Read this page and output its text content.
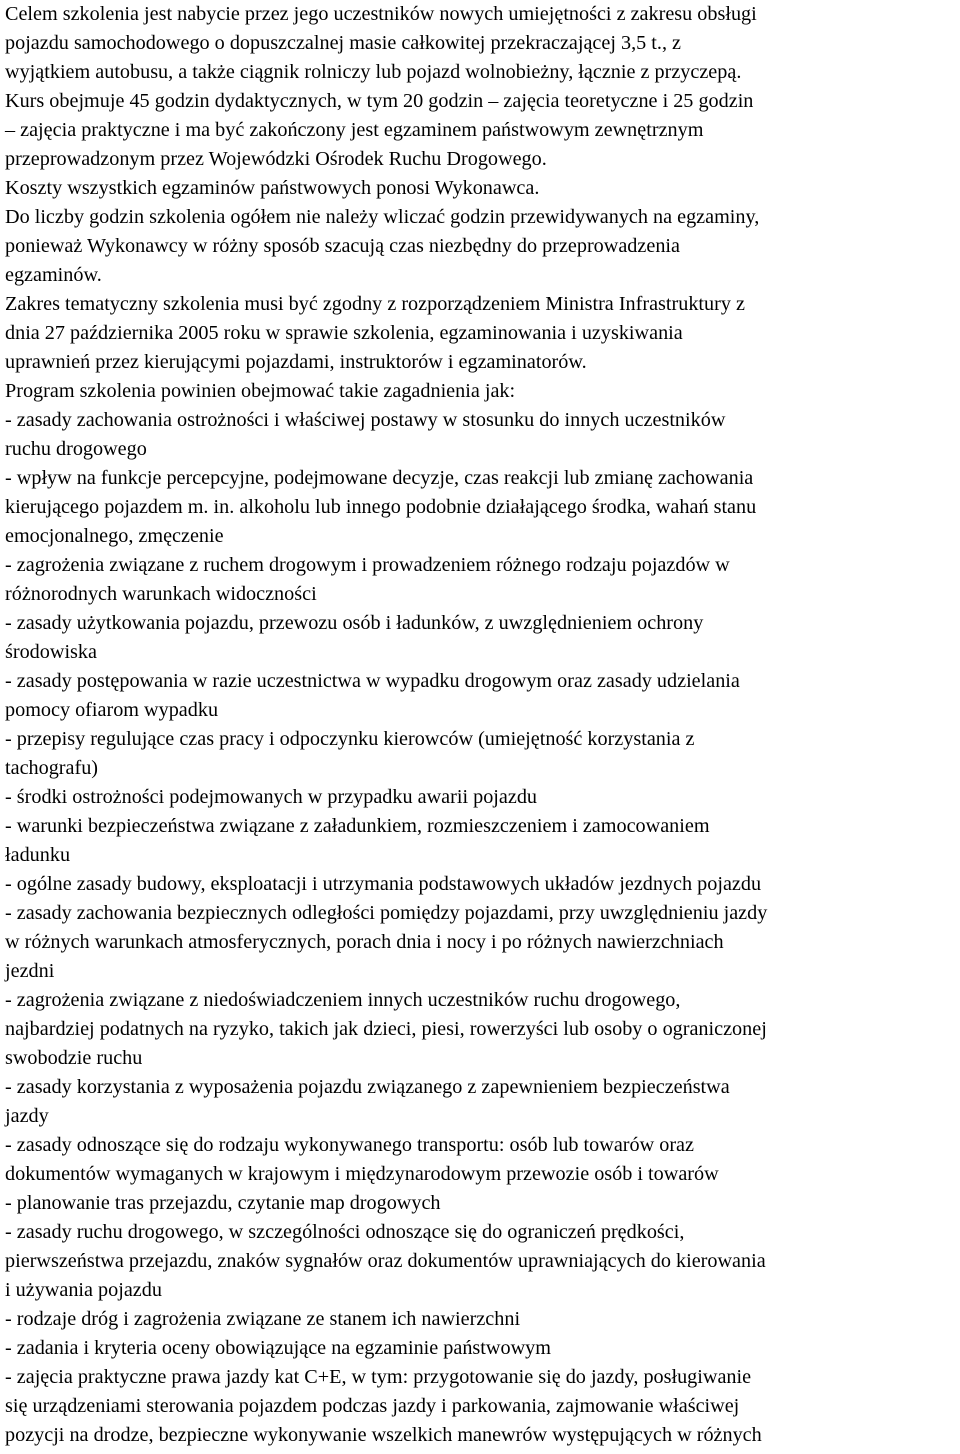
Celem szkolenia jest nabycie przez jego uczestników nowych umiejętności z zakresu obsługi
pojazdu samochodowego o dopuszczalnej masie całkowitej przekraczającej 3,5 t., z
wyjątkiem autobusu, a także ciągnik rolniczy lub pojazd wolnobieżny, łącznie z przyczepą.
Kurs obejmuje 45 godzin dydaktycznych, w tym 20 godzin – zajęcia teoretyczne i 25 godzin
– zajęcia praktyczne i ma być zakończony jest egzaminem państwowym zewnętrznym
przeprowadzonym przez Wojewódzki Ośrodek Ruchu Drogowego.
Koszty wszystkich egzaminów państwowych ponosi Wykonawca.
Do liczby godzin szkolenia ogółem nie należy wliczać godzin przewidywanych na egzaminy,
ponieważ Wykonawcy w różny sposób szacują czas niezbędny do przeprowadzenia
egzaminów.
Zakres tematyczny szkolenia musi być zgodny z rozporządzeniem Ministra Infrastruktury z
dnia 27 października 2005 roku w sprawie szkolenia, egzaminowania i uzyskiwania
uprawnień przez kierującymi pojazdami, instruktorów i egzaminatorów.
Program szkolenia powinien obejmować takie zagadnienia jak:
- zasady zachowania ostrożności i właściwej postawy w stosunku do innych uczestników
ruchu drogowego
- wpływ na funkcje percepcyjne, podejmowane decyzje, czas reakcji lub zmianę zachowania
kierującego pojazdem m. in. alkoholu lub innego podobnie działającego środka, wahań stanu
emocjonalnego, zmęczenie
- zagrożenia związane z ruchem drogowym i prowadzeniem różnego rodzaju pojazdów w
różnorodnych warunkach widoczności
- zasady użytkowania pojazdu, przewozu osób i ładunków, z uwzględnieniem ochrony
środowiska
- zasady postępowania w razie uczestnictwa w wypadku drogowym oraz zasady udzielania
pomocy ofiarom wypadku
- przepisy regulujące czas pracy i odpoczynku kierowców (umiejętność korzystania z
tachografu)
- środki ostrożności podejmowanych w przypadku awarii pojazdu
- warunki bezpieczeństwa związane z załadunkiem, rozmieszczeniem i zamocowaniem
ładunku
- ogólne zasady budowy, eksploatacji i utrzymania podstawowych układów jezdnych pojazdu
- zasady zachowania bezpiecznych odległości pomiędzy pojazdami, przy uwzględnieniu jazdy
w różnych warunkach atmosferycznych, porach dnia i nocy i po różnych nawierzchniach
jezdni
- zagrożenia związane z niedoświadczeniem innych uczestników ruchu drogowego,
najbardziej podatnych na ryzyko, takich jak dzieci, piesi, rowerzyści lub osoby o ograniczonej
swobodzie ruchu
- zasady korzystania z wyposażenia pojazdu związanego z zapewnieniem bezpieczeństwa
jazdy
- zasady odnoszące się do rodzaju wykonywanego transportu: osób lub towarów oraz
dokumentów wymaganych w krajowym i międzynarodowym przewozie osób i towarów
- planowanie tras przejazdu, czytanie map drogowych
- zasady ruchu drogowego, w szczególności odnoszące się do ograniczeń prędkości,
pierwszeństwa przejazdu, znaków sygnałów oraz dokumentów uprawniających do kierowania
i używania pojazdu
- rodzaje dróg i zagrożenia związane ze stanem ich nawierzchni
- zadania i kryteria oceny obowiązujące na egzaminie państwowym
- zajęcia praktyczne prawa jazdy kat C+E, w tym: przygotowanie się do jazdy, posługiwanie
się urządzeniami sterowania pojazdem podczas jazdy i parkowania, zajmowanie właściwej
pozycji na drodze, bezpieczne wykonywanie wszelkich manewrów występujących w różnych
